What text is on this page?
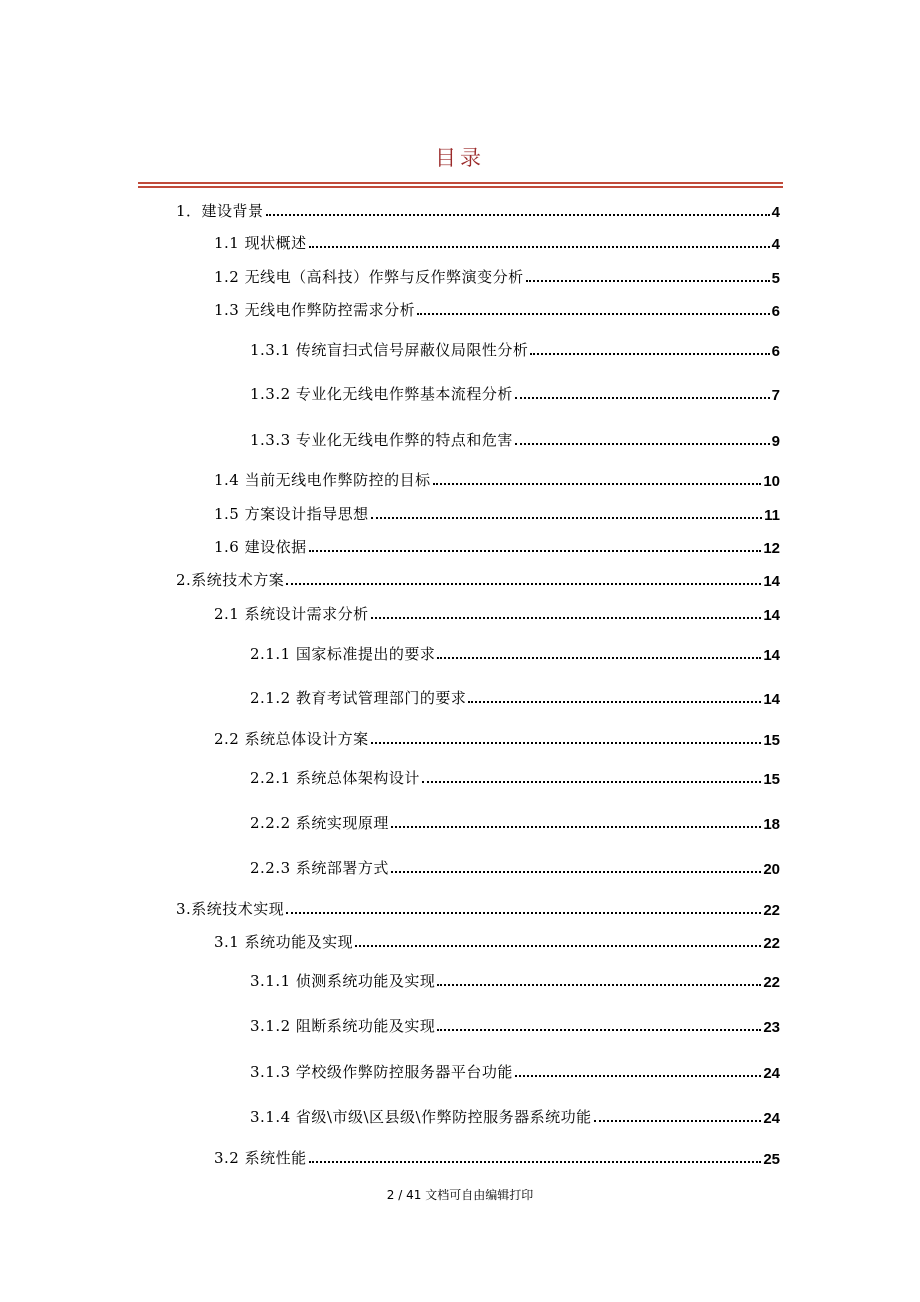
目录
1．建设背景	4
1.1 现状概述	4
1.2 无线电（高科技）作弊与反作弊演变分析	5
1.3 无线电作弊防控需求分析	6
1.3.1 传统盲扫式信号屏蔽仪局限性分析	6
1.3.2 专业化无线电作弊基本流程分析	7
1.3.3 专业化无线电作弊的特点和危害	9
1.4 当前无线电作弊防控的目标	10
1.5 方案设计指导思想	11
1.6 建设依据	12
2.系统技术方案	14
2.1 系统设计需求分析	14
2.1.1 国家标准提出的要求	14
2.1.2 教育考试管理部门的要求	14
2.2 系统总体设计方案	15
2.2.1 系统总体架构设计	15
2.2.2 系统实现原理	18
2.2.3 系统部署方式	20
3.系统技术实现	22
3.1 系统功能及实现	22
3.1.1 侦测系统功能及实现	22
3.1.2 阻断系统功能及实现	23
3.1.3 学校级作弊防控服务器平台功能	24
3.1.4 省级\市级\区县级\作弊防控服务器系统功能	24
3.2 系统性能	25
2 / 41 文档可自由编辑打印
